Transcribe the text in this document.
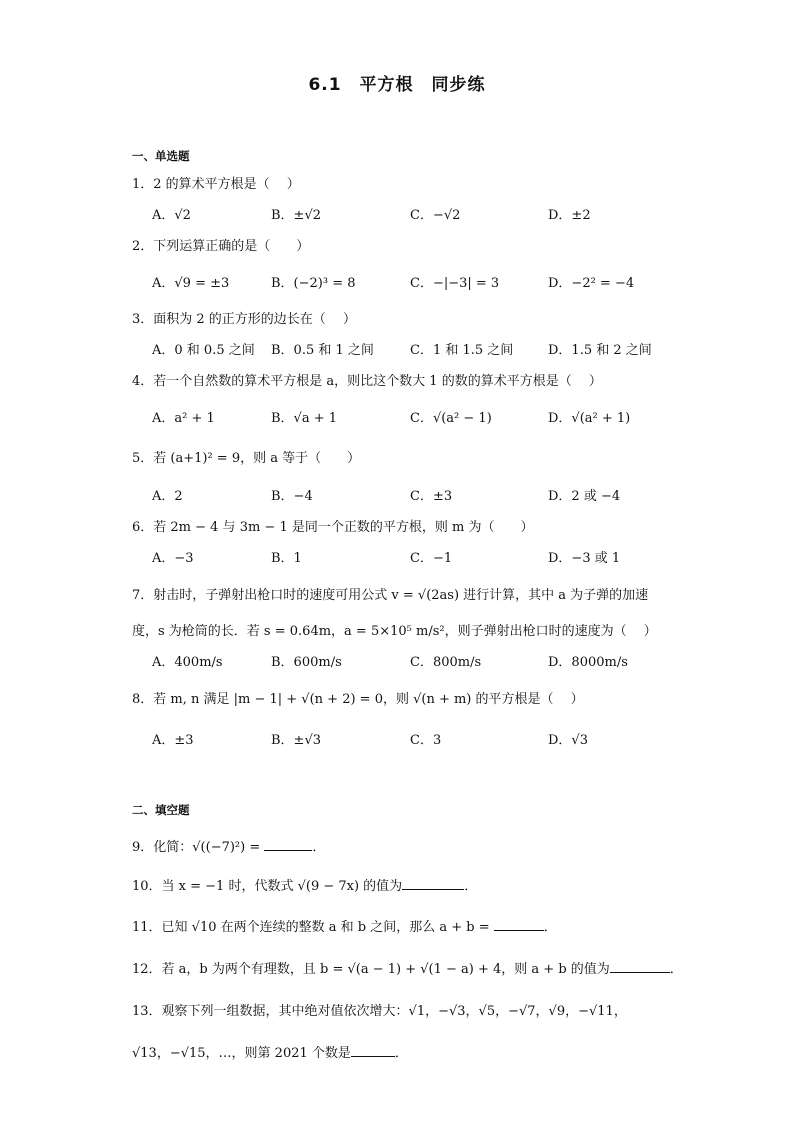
6.1　平方根　同步练
一、单选题
1．2 的算术平方根是（　 ）
A．√2	B．±√2	C．−√2	D．±2
2．下列运算正确的是（　　）
A．√9 = ±3	B．(−2)³ = 8	C．−|−3| = 3	D．−2² = −4
3．面积为 2 的正方形的边长在（　 ）
A．0 和 0.5 之间 B．0.5 和 1 之间	C．1 和 1.5 之间	D．1.5 和 2 之间
4．若一个自然数的算术平方根是 a，则比这个数大 1 的数的算术平方根是（　 ）
A．a² + 1	B．√a + 1	C．√(a² − 1)	D．√(a² + 1)
5．若 (a+1)² = 9，则 a 等于（　　）
A．2	B．−4	C．±3	D．2 或 −4
6．若 2m − 4 与 3m − 1 是同一个正数的平方根，则 m 为（　　）
A．−3	B．1	C．−1	D．−3 或 1
7．射击时，子弹射出枪口时的速度可用公式 v = √(2as) 进行计算，其中 a 为子弹的加速
度，s 为枪筒的长．若 s = 0.64m，a = 5×10⁵ m/s²，则子弹射出枪口时的速度为（　 ）
A．400m/s	B．600m/s	C．800m/s	D．8000m/s
8．若 m, n 满足 |m − 1| + √(n + 2) = 0，则 √(n + m) 的平方根是（　 ）
A．±3	B．±√3	C．3	D．√3
二、填空题
9．化简：√((−7)²) =	．
10．当 x = −1 时，代数式 √(9 − 7x) 的值为	．
11．已知 √10 在两个连续的整数 a 和 b 之间，那么 a + b =	．
12．若 a，b 为两个有理数，且 b = √(a − 1) + √(1 − a) + 4，则 a + b 的值为	．
13．观察下列一组数据，其中绝对值依次增大：√1，−√3，√5，−√7，√9，−√11，
√13，−√15，…，则第 2021 个数是	．
